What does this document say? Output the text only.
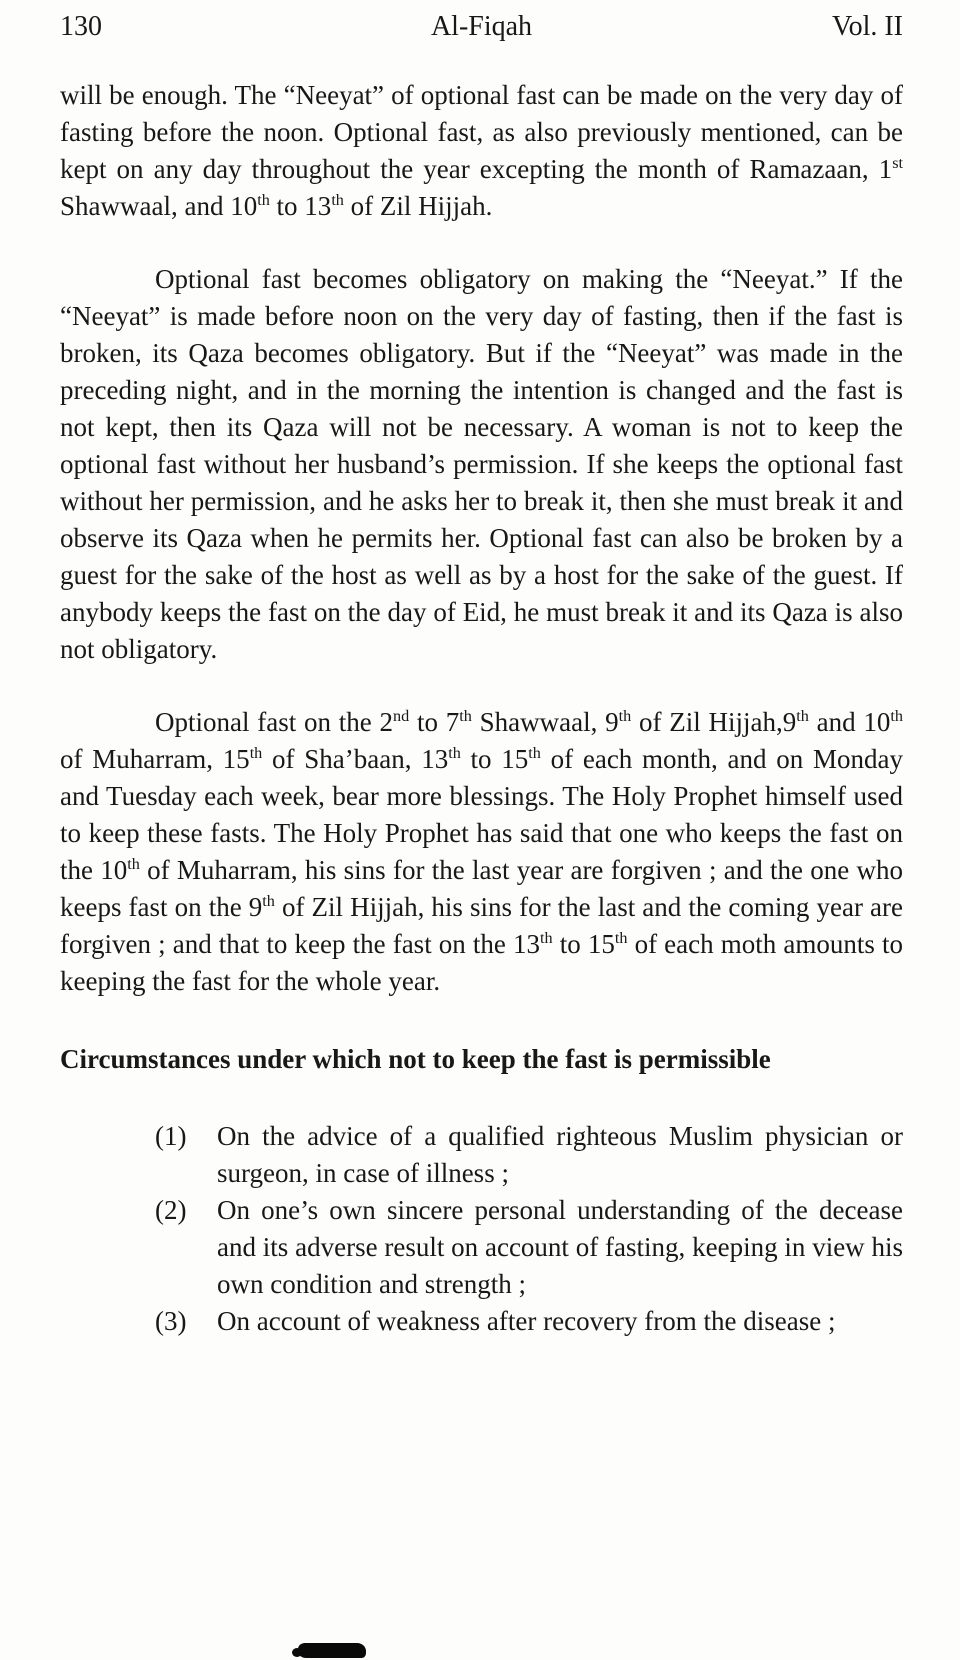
130	Al-Fiqah	Vol. II

will be enough. The “Neeyat” of optional fast can be made on the very day of fasting before the noon. Optional fast, as also previously mentioned, can be kept on any day throughout the year excepting the month of Ramazaan, 1st Shawwaal, and 10th to 13th of Zil Hijjah.

Optional fast becomes obligatory on making the “Neeyat.” If the “Neeyat” is made before noon on the very day of fasting, then if the fast is broken, its Qaza becomes obligatory. But if the “Neeyat” was made in the preceding night, and in the morning the intention is changed and the fast is not kept, then its Qaza will not be necessary. A woman is not to keep the optional fast without her husband’s permission. If she keeps the optional fast without her permission, and he asks her to break it, then she must break it and observe its Qaza when he permits her. Optional fast can also be broken by a guest for the sake of the host as well as by a host for the sake of the guest. If anybody keeps the fast on the day of Eid, he must break it and its Qaza is also not obligatory.

Optional fast on the 2nd to 7th Shawwaal, 9th of Zil Hijjah,9th and 10th of Muharram, 15th of Sha’baan, 13th to 15th of each month, and on Monday and Tuesday each week, bear more blessings. The Holy Prophet himself used to keep these fasts. The Holy Prophet has said that one who keeps the fast on the 10th of Muharram, his sins for the last year are forgiven ; and the one who keeps fast on the 9th of Zil Hijjah, his sins for the last and the coming year are forgiven ; and that to keep the fast on the 13th to 15th of each moth amounts to keeping the fast for the whole year.

Circumstances under which not to keep the fast is permissible
(1)	On the advice of a qualified righteous Muslim physician or surgeon, in case of illness ;
(2)	On one’s own sincere personal understanding of the decease and its adverse result on account of fasting, keeping in view his own condition and strength ;
(3)	On account of weakness after recovery from the disease ;
